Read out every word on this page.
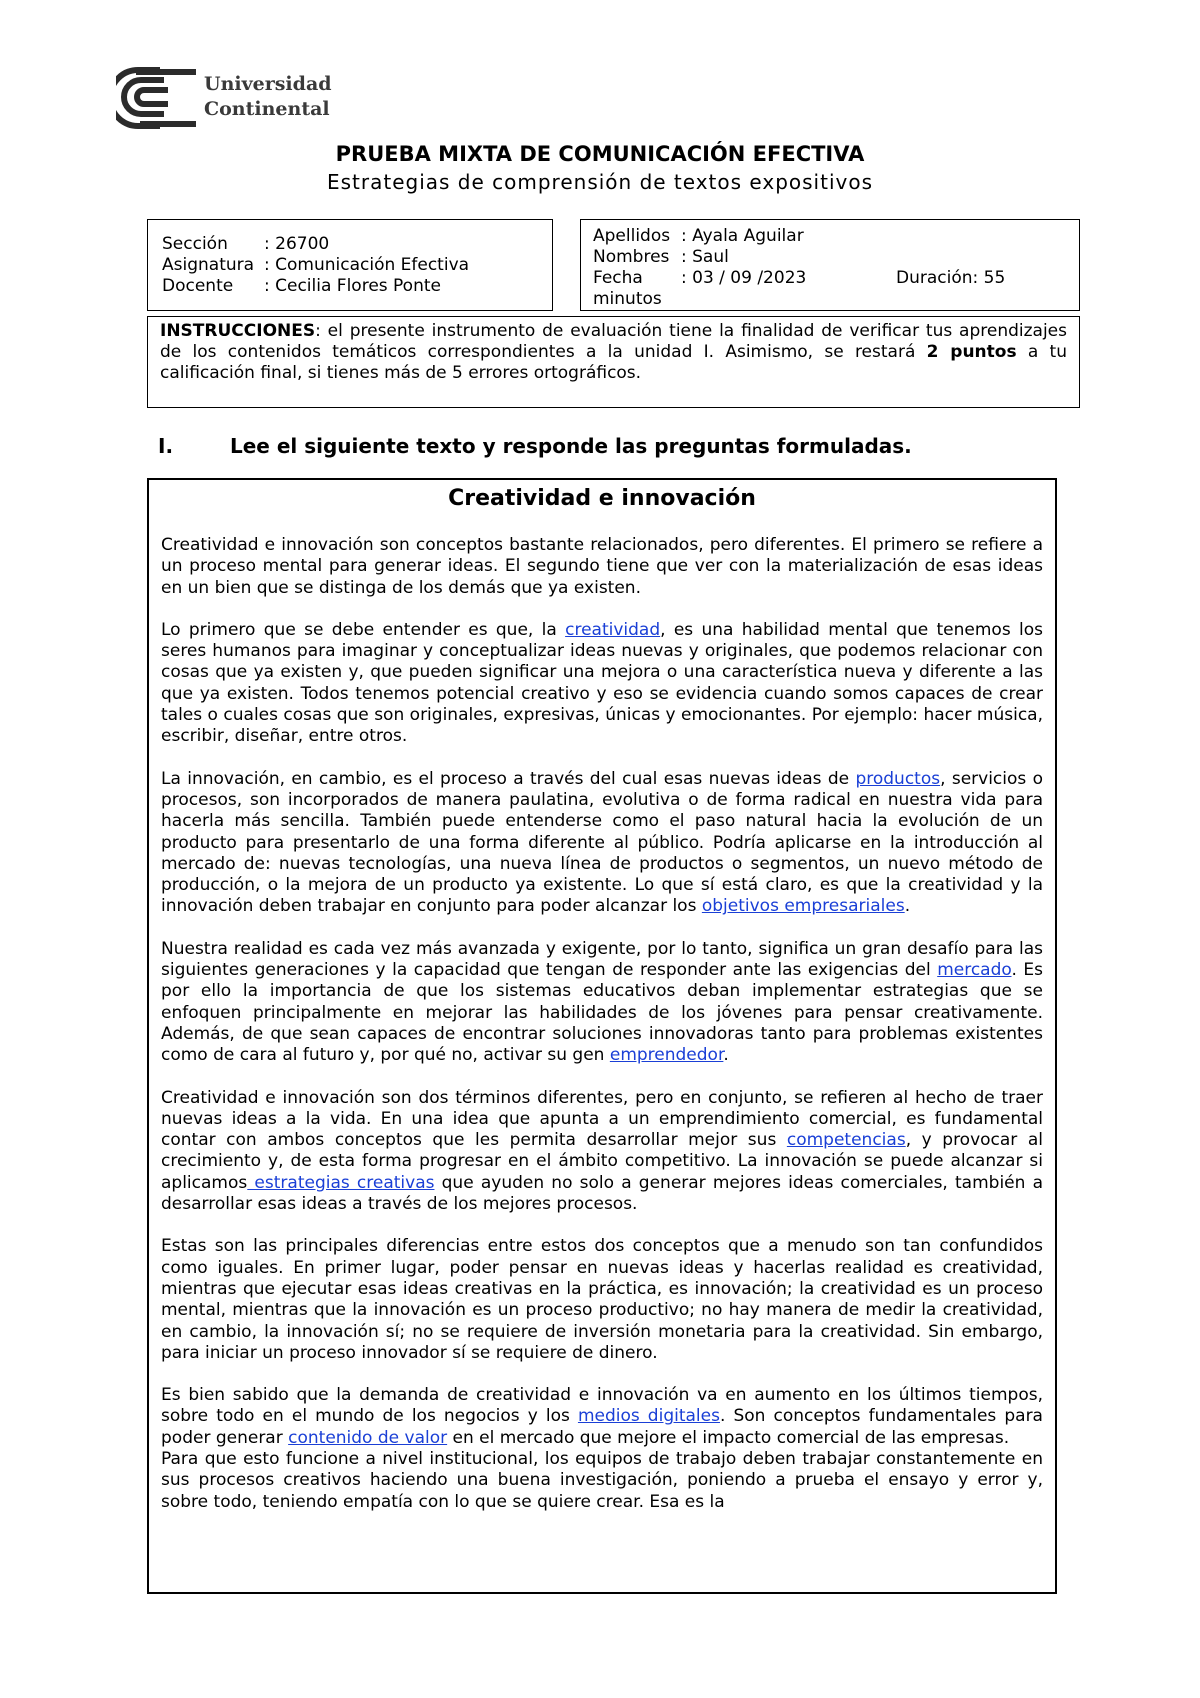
Universidad
Continental
PRUEBA MIXTA DE COMUNICACIÓN EFECTIVA
Estrategias de comprensión de textos expositivos
Sección : 26700
Asignatura : Comunicación Efectiva
Docente : Cecilia Flores Ponte
Apellidos : Ayala Aguilar
Nombres : Saul
Fecha : 03 / 09 /2023	Duración: 55
minutos
INSTRUCCIONES: el presente instrumento de evaluación tiene la finalidad de verificar tus aprendizajes de los contenidos temáticos correspondientes a la unidad I. Asimismo, se restará 2 puntos a tu calificación final, si tienes más de 5 errores ortográficos.
I.	Lee el siguiente texto y responde las preguntas formuladas.
Creatividad e innovación

Creatividad e innovación son conceptos bastante relacionados, pero diferentes. El primero se refiere a un proceso mental para generar ideas. El segundo tiene que ver con la materialización de esas ideas en un bien que se distinga de los demás que ya existen.

Lo primero que se debe entender es que, la creatividad, es una habilidad mental que tenemos los seres humanos para imaginar y conceptualizar ideas nuevas y originales, que podemos relacionar con cosas que ya existen y, que pueden significar una mejora o una característica nueva y diferente a las que ya existen. Todos tenemos potencial creativo y eso se evidencia cuando somos capaces de crear tales o cuales cosas que son originales, expresivas, únicas y emocionantes. Por ejemplo: hacer música, escribir, diseñar, entre otros.

La innovación, en cambio, es el proceso a través del cual esas nuevas ideas de productos, servicios o procesos, son incorporados de manera paulatina, evolutiva o de forma radical en nuestra vida para hacerla más sencilla. También puede entenderse como el paso natural hacia la evolución de un producto para presentarlo de una forma diferente al público. Podría aplicarse en la introducción al mercado de: nuevas tecnologías, una nueva línea de productos o segmentos, un nuevo método de producción, o la mejora de un producto ya existente. Lo que sí está claro, es que la creatividad y la innovación deben trabajar en conjunto para poder alcanzar los objetivos empresariales.

Nuestra realidad es cada vez más avanzada y exigente, por lo tanto, significa un gran desafío para las siguientes generaciones y la capacidad que tengan de responder ante las exigencias del mercado. Es por ello la importancia de que los sistemas educativos deban implementar estrategias que se enfoquen principalmente en mejorar las habilidades de los jóvenes para pensar creativamente. Además, de que sean capaces de encontrar soluciones innovadoras tanto para problemas existentes como de cara al futuro y, por qué no, activar su gen emprendedor.

Creatividad e innovación son dos términos diferentes, pero en conjunto, se refieren al hecho de traer nuevas ideas a la vida. En una idea que apunta a un emprendimiento comercial, es fundamental contar con ambos conceptos que les permita desarrollar mejor sus competencias, y provocar al crecimiento y, de esta forma progresar en el ámbito competitivo. La innovación se puede alcanzar si aplicamos estrategias creativas que ayuden no solo a generar mejores ideas comerciales, también a desarrollar esas ideas a través de los mejores procesos.

Estas son las principales diferencias entre estos dos conceptos que a menudo son tan confundidos como iguales. En primer lugar, poder pensar en nuevas ideas y hacerlas realidad es creatividad, mientras que ejecutar esas ideas creativas en la práctica, es innovación; la creatividad es un proceso mental, mientras que la innovación es un proceso productivo; no hay manera de medir la creatividad, en cambio, la innovación sí; no se requiere de inversión monetaria para la creatividad. Sin embargo, para iniciar un proceso innovador sí se requiere de dinero.

Es bien sabido que la demanda de creatividad e innovación va en aumento en los últimos tiempos, sobre todo en el mundo de los negocios y los medios digitales. Son conceptos fundamentales para poder generar contenido de valor en el mercado que mejore el impacto comercial de las empresas.

Para que esto funcione a nivel institucional, los equipos de trabajo deben trabajar constantemente en sus procesos creativos haciendo una buena investigación, poniendo a prueba el ensayo y error y, sobre todo, teniendo empatía con lo que se quiere crear. Esa es la
